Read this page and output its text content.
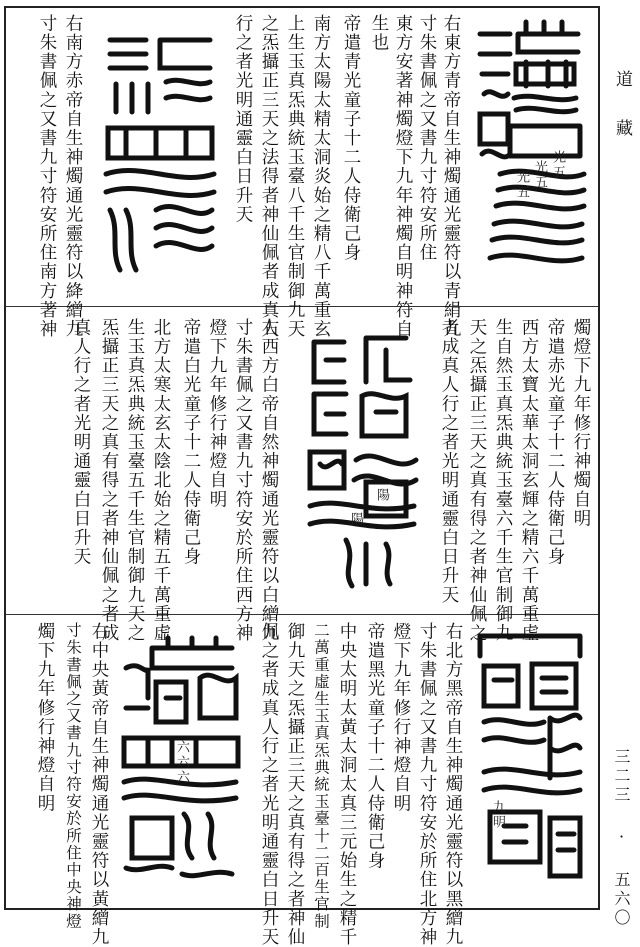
道 藏
三二三 · 五六〇
右東方青帝自生神燭通光靈符以青絹九
寸朱書佩之又書九寸符安所住
東方安著神燭燈下九年神燭自明神符自
生也
帝遣青光童子十二人侍衛己身
南方太陽太精太洞炎始之精八千萬重玄
上生玉真炁典統玉臺八千生官制御九天
之炁攝正三天之法得者神仙佩者成真人
行之者光明通靈白日升天
右南方赤帝自生神燭通光靈符以絳繒九
寸朱書佩之又書九寸符安所住南方著神	光五
光五
光五
燭燈下九年修行神燭自明
帝遣赤光童子十二人侍衛己身
西方太寶太華太洞玄輝之精六千萬重虛
生自然玉真炁典統玉臺六千生官制御九
天之炁攝正三天之真有得之者神仙佩之
者成真人行之者光明通靈白日升天
右西方白帝自然神燭通光靈符以白繒九
寸朱書佩之又書九寸符安於所住西方神
燈下九年修行神燈自明
帝遣白光童子十二人侍衛己身
北方太寒太玄太陰北始之精五千萬重虛
生玉真炁典統玉臺五千生官制御九天之
炁攝正三天之真有得之者神仙佩之者成
真人行之者光明通靈白日升天	陽
陽
右北方黑帝自生神燭通光靈符以黑繒九
寸朱書佩之又書九寸符安於所住北方神
燈下九年修行神燈自明
帝遣黑光童子十二人侍衛己身
中央太明太黃太洞太真三元始生之精千
二萬重虛生玉真炁典統玉臺十二百生官制
御九天之炁攝正三天之真有得之者神仙
佩之者成真人行之者光明通靈白日升天
右中央黃帝自生神燭通光靈符以黃繒九
寸朱書佩之又書九寸符安於所住中央神燈
燭下九年修行神燈自明
九明
六六六
